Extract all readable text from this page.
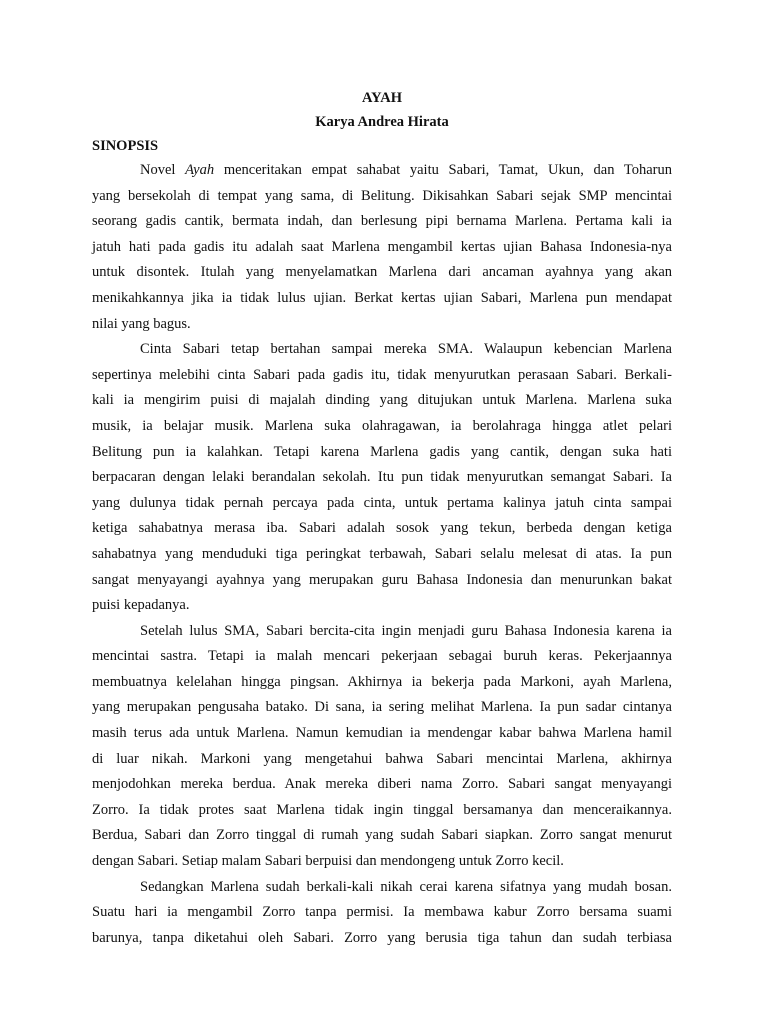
AYAH

Karya Andrea Hirata

SINOPSIS

Novel Ayah menceritakan empat sahabat yaitu Sabari, Tamat, Ukun, dan Toharun
yang bersekolah di tempat yang sama, di Belitung. Dikisahkan Sabari sejak SMP mencintai
seorang gadis cantik, bermata indah, dan berlesung pipi bernama Marlena. Pertama kali ia
jatuh hati pada gadis itu adalah saat Marlena mengambil kertas ujian Bahasa Indonesia-nya
untuk disontek. Itulah yang menyelamatkan Marlena dari ancaman ayahnya yang akan
menikahkannya jika ia tidak lulus ujian. Berkat kertas ujian Sabari, Marlena pun mendapat
nilai yang bagus.
Cinta Sabari tetap bertahan sampai mereka SMA. Walaupun kebencian Marlena
sepertinya melebihi cinta Sabari pada gadis itu, tidak menyurutkan perasaan Sabari. Berkali-
kali ia mengirim puisi di majalah dinding yang ditujukan untuk Marlena. Marlena suka
musik, ia belajar musik. Marlena suka olahragawan, ia berolahraga hingga atlet pelari
Belitung pun ia kalahkan. Tetapi karena Marlena gadis yang cantik, dengan suka hati
berpacaran dengan lelaki berandalan sekolah. Itu pun tidak menyurutkan semangat Sabari. Ia
yang dulunya tidak pernah percaya pada cinta, untuk pertama kalinya jatuh cinta sampai
ketiga sahabatnya merasa iba. Sabari adalah sosok yang tekun, berbeda dengan ketiga
sahabatnya yang menduduki tiga peringkat terbawah, Sabari selalu melesat di atas. Ia pun
sangat menyayangi ayahnya yang merupakan guru Bahasa Indonesia dan menurunkan bakat
puisi kepadanya.
Setelah lulus SMA, Sabari bercita-cita ingin menjadi guru Bahasa Indonesia karena ia
mencintai sastra. Tetapi ia malah mencari pekerjaan sebagai buruh keras. Pekerjaannya
membuatnya kelelahan hingga pingsan. Akhirnya ia bekerja pada Markoni, ayah Marlena,
yang merupakan pengusaha batako. Di sana, ia sering melihat Marlena. Ia pun sadar cintanya
masih terus ada untuk Marlena. Namun kemudian ia mendengar kabar bahwa Marlena hamil
di luar nikah. Markoni yang mengetahui bahwa Sabari mencintai Marlena, akhirnya
menjodohkan mereka berdua. Anak mereka diberi nama Zorro. Sabari sangat menyayangi
Zorro. Ia tidak protes saat Marlena tidak ingin tinggal bersamanya dan menceraikannya.
Berdua, Sabari dan Zorro tinggal di rumah yang sudah Sabari siapkan. Zorro sangat menurut
dengan Sabari. Setiap malam Sabari berpuisi dan mendongeng untuk Zorro kecil.
Sedangkan Marlena sudah berkali-kali nikah cerai karena sifatnya yang mudah bosan.
Suatu hari ia mengambil Zorro tanpa permisi. Ia membawa kabur Zorro bersama suami
barunya, tanpa diketahui oleh Sabari. Zorro yang berusia tiga tahun dan sudah terbiasa
